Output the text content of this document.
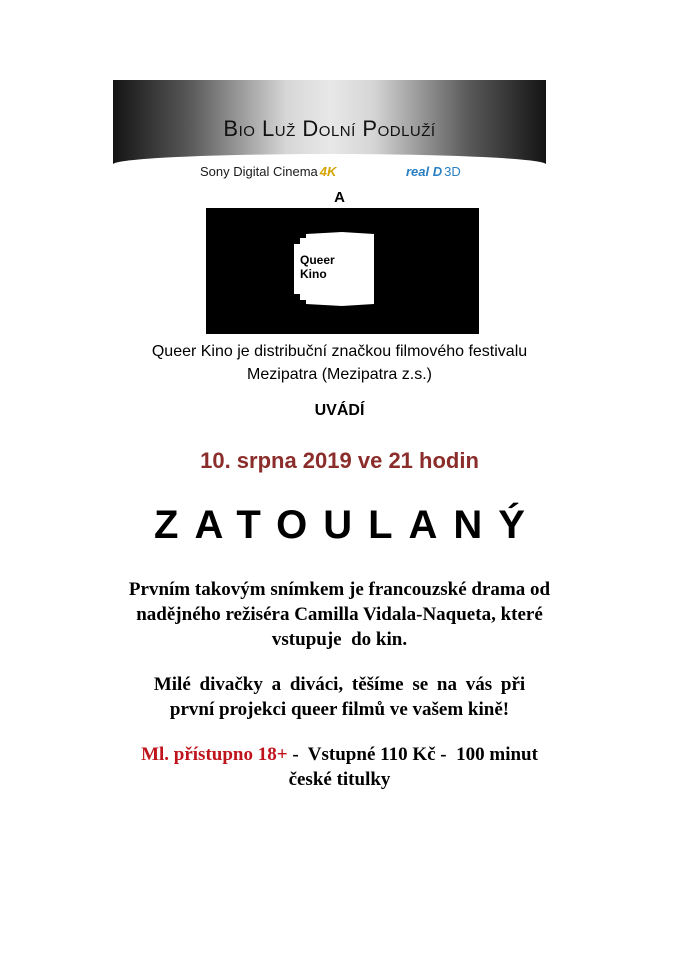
Bio Luž Dolní Podluží
Sony Digital Cinema 4K	real D 3D
A
Queer
Kino
Queer Kino je distribuční značkou filmového festivalu
Mezipatra (Mezipatra z.s.)
UVÁDÍ
10. srpna 2019 ve 21 hodin
ZATOULANÝ
Prvním takovým snímkem je francouzské drama od
nadějného režiséra Camilla Vidala-Naqueta, které
vstupuje  do kin.
Milé divačky a diváci, těšíme se na vás při
první projekci queer filmů ve vašem kině!
Ml. přístupno 18+ -  Vstupné 110 Kč -  100 minut
české titulky
